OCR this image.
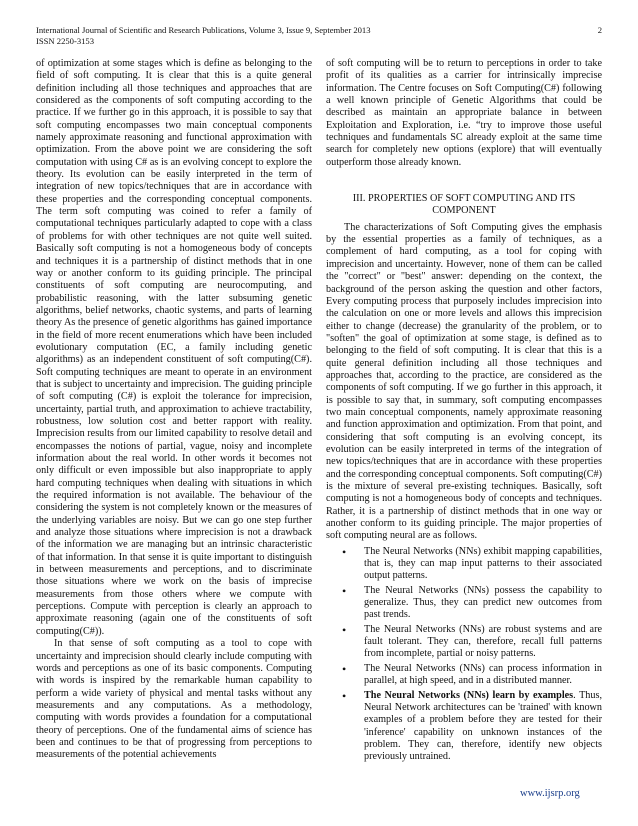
International Journal of Scientific and Research Publications, Volume 3, Issue 9, September 2013	2
ISSN 2250-3153

of optimization at some stages which is define as belonging to the field of soft computing. It is clear that this is a quite general definition including all those techniques and approaches that are considered as the components of soft computing according to the practice. If we further go in this approach, it is possible to say that soft computing encompasses two main conceptual components namely approximate reasoning and functional approximation with optimization. From the above point we are considering the soft computation with using C# as is an evolving concept to explore the theory. Its evolution can be easily interpreted in the term of integration of new topics/techniques that are in accordance with these properties and the corresponding conceptual components. The term soft computing was coined to refer a family of computational techniques particularly adapted to cope with a class of problems for with other techniques are not quite well suited. Basically soft computing is not a homogeneous body of concepts and techniques it is a partnership of distinct methods that in one way or another conform to its guiding principle. The principal constituents of soft computing are neurocomputing, and probabilistic reasoning, with the latter subsuming genetic algorithms, belief networks, chaotic systems, and parts of learning theory As the presence of genetic algorithms has gained importance in the field of more recent enumerations which have been included evolutionary computation (EC, a family including genetic algorithms) as an independent constituent of soft computing(C#). Soft computing techniques are meant to operate in an environment that is subject to uncertainty and imprecision. The guiding principle of soft computing (C#) is exploit the tolerance for imprecision, uncertainty, partial truth, and approximation to achieve tractability, robustness, low solution cost and better rapport with reality. Imprecision results from our limited capability to resolve detail and encompasses the notions of partial, vague, noisy and incomplete information about the real world. In other words it becomes not only difficult or even impossible but also inappropriate to apply hard computing techniques when dealing with situations in which the required information is not available. The behaviour of the considering the system is not completely known or the measures of the underlying variables are noisy. But we can go one step further and analyze those situations where imprecision is not a drawback of the information we are managing but an intrinsic characteristic of that information. In that sense it is quite important to distinguish in between measurements and perceptions, and to discriminate those situations where we work on the basis of imprecise measurements from those others where we compute with perceptions. Compute with perception is clearly an approach to approximate reasoning (again one of the constituents of soft computing(C#)).

In that sense of soft computing as a tool to cope with uncertainty and imprecision should clearly include computing with words and perceptions as one of its basic components. Computing with words is inspired by the remarkable human capability to perform a wide variety of physical and mental tasks without any measurements and any computations. As a methodology, computing with words provides a foundation for a computational theory of perceptions. One of the fundamental aims of science has been and continues to be that of progressing from perceptions to measurements of the potential achievements

of soft computing will be to return to perceptions in order to take profit of its qualities as a carrier for intrinsically imprecise information. The Centre focuses on Soft Computing(C#) following a well known principle of Genetic Algorithms that could be described as maintain an appropriate balance in between Exploitation and Exploration, i.e. “try to improve those useful techniques and fundamentals SC already exploit at the same time search for completely new options (explore) that will eventually outperform those already known.

III. PROPERTIES OF SOFT COMPUTING AND ITS COMPONENT

The characterizations of Soft Computing gives the emphasis by the essential properties as a family of techniques, as a complement of hard computing, as a tool for coping with imprecision and uncertainty. However, none of them can be called the "correct" or "best" answer: depending on the context, the background of the person asking the question and other factors, Every computing process that purposely includes imprecision into the calculation on one or more levels and allows this imprecision either to change (decrease) the granularity of the problem, or to "soften" the goal of optimization at some stage, is defined as to belonging to the field of soft computing. It is clear that this is a quite general definition including all those techniques and approaches that, according to the practice, are considered as the components of soft computing. If we go further in this approach, it is possible to say that, in summary, soft computing encompasses two main conceptual components, namely approximate reasoning and function approximation and optimization. From that point, and considering that soft computing is an evolving concept, its evolution can be easily interpreted in terms of the integration of new topics/techniques that are in accordance with these properties and the corresponding conceptual components. Soft computing(C#) is the mixture of several pre-existing techniques. Basically, soft computing is not a homogeneous body of concepts and techniques. Rather, it is a partnership of distinct methods that in one way or another conform to its guiding principle. The major properties of soft computing neural are as follows.

• The Neural Networks (NNs) exhibit mapping capabilities, that is, they can map input patterns to their associated output patterns.
• The Neural Networks (NNs) possess the capability to generalize. Thus, they can predict new outcomes from past trends.
• The Neural Networks (NNs) are robust systems and are fault tolerant. They can, therefore, recall full patterns from incomplete, partial or noisy patterns.
• The Neural Networks (NNs) can process information in parallel, at high speed, and in a distributed manner.
• The Neural Networks (NNs) learn by examples. Thus, Neural Network architectures can be 'trained' with known examples of a problem before they are tested for their 'inference' capability on unknown instances of the problem. They can, therefore, identify new objects previously untrained.
www.ijsrp.org
